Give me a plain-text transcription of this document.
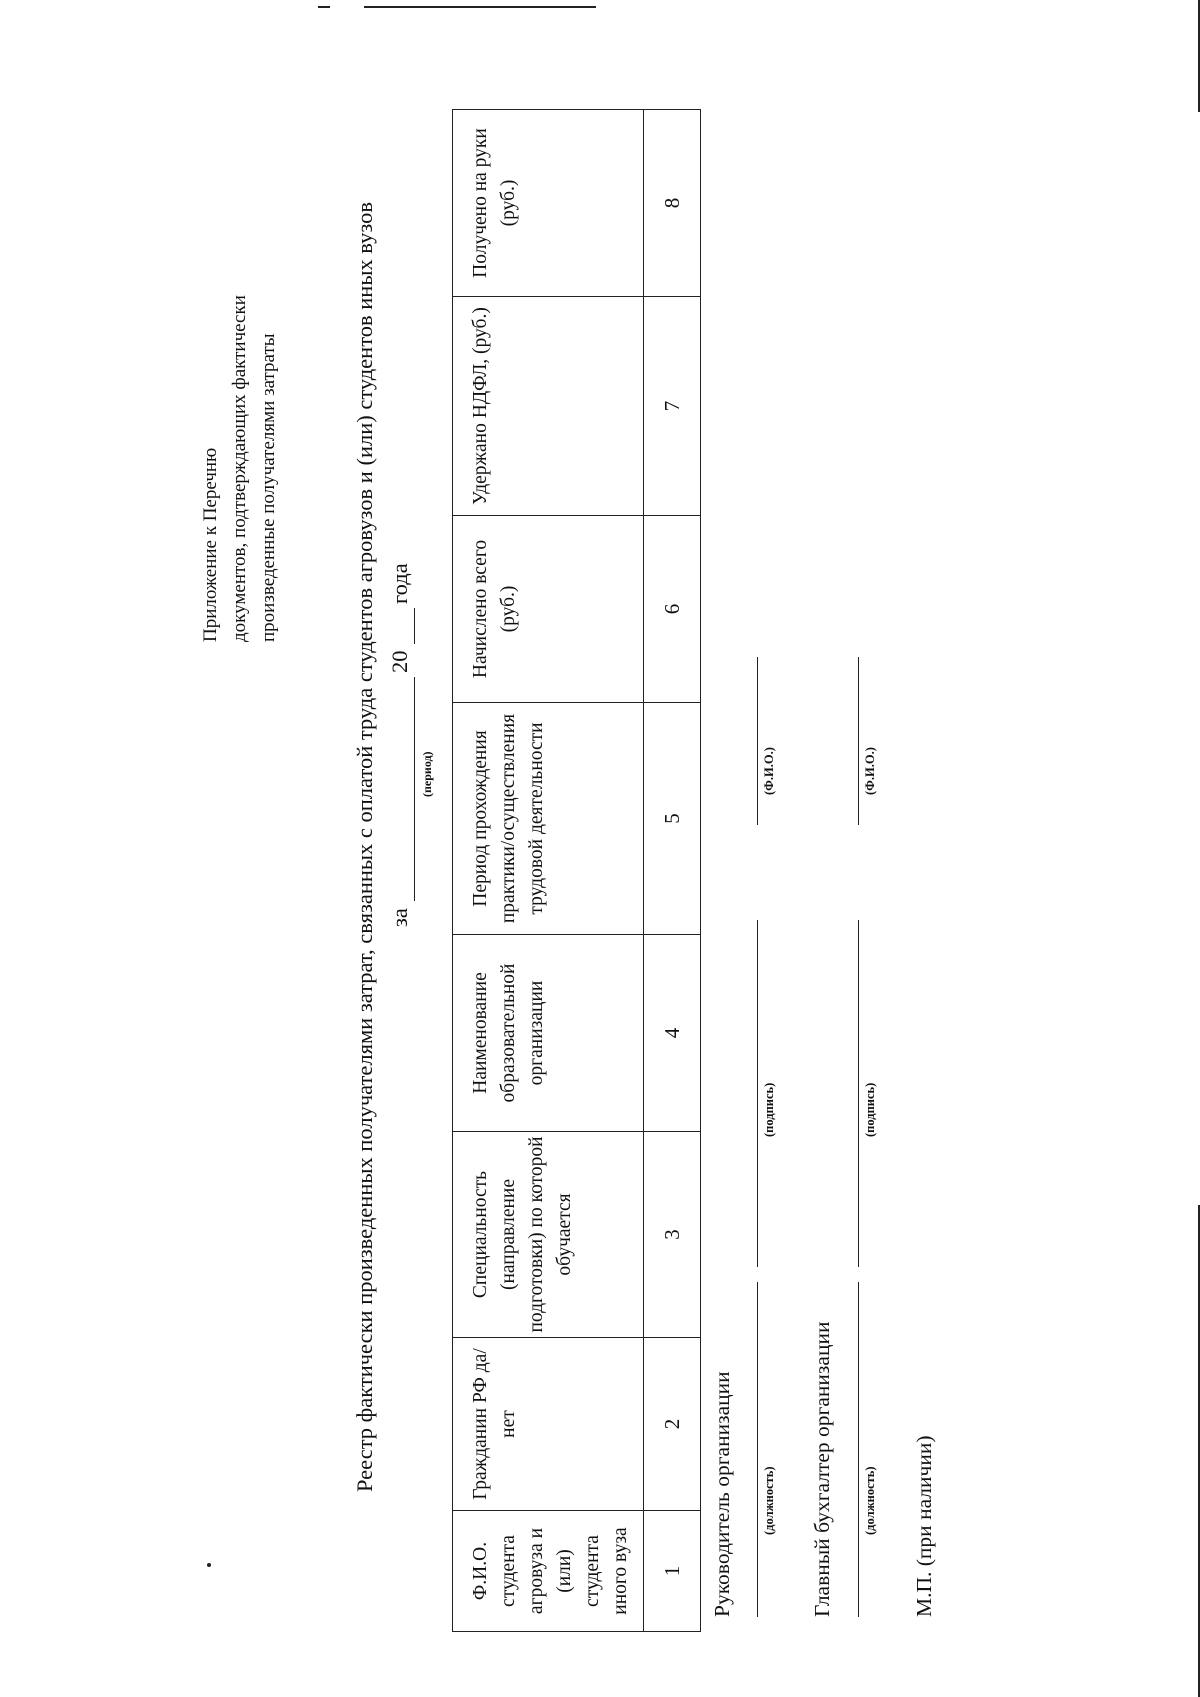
Приложение к Перечню документов, подтверждающих фактически произведенные получателями затраты	Реестр фактически произведенных получателями затрат, связанных с оплатой труда студентов агровузов и (или) студентов иных вузов за
20
года
(период)
Ф.И.О. студента агровуза и (или) студента иного вуза	Гражданин РФ да/нет	Специальность (направление подготовки) по которой обучается	Наименование образовательной организации	Период прохождения практики/осуществления трудовой деятельности	Начислено всего (руб.)	Удержано НДФЛ, (руб.)	Получено на руки (руб.)
1	2	3	4	5	6	7	8
Руководитель организации (должность)
(подпись)
(Ф.И.О.)
Главный бухгалтер организации (должность)
(подпись)
(Ф.И.О.)
М.П. (при наличии)
